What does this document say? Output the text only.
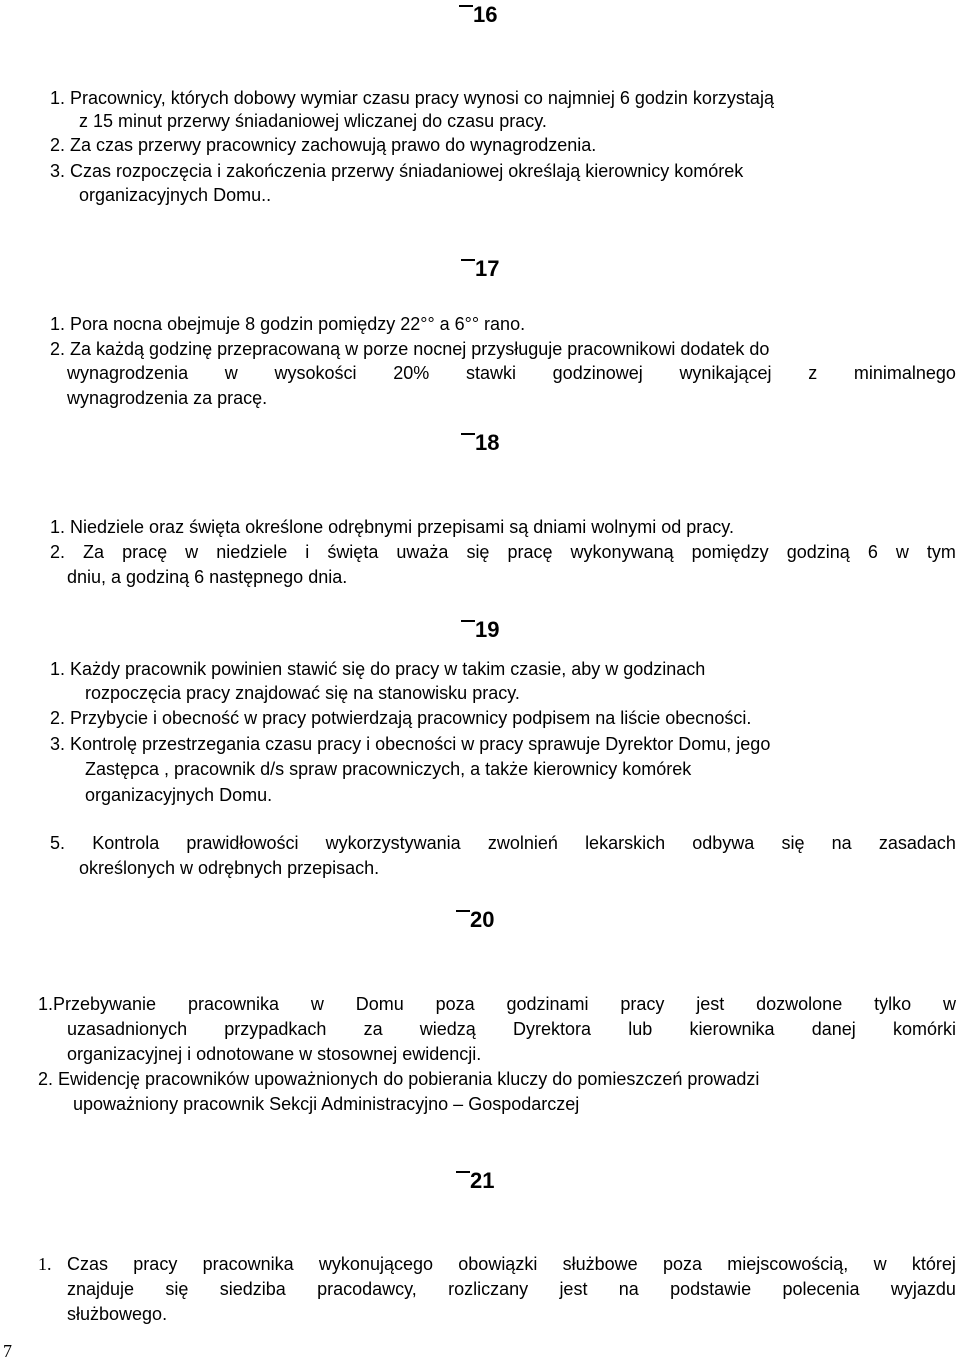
16
17
18
19
20
21
1. Pracownicy, których dobowy wymiar czasu pracy wynosi co najmniej 6 godzin korzystają
z 15 minut przerwy śniadaniowej wliczanej do czasu pracy.
2. Za czas przerwy pracownicy zachowują prawo do wynagrodzenia.
3. Czas rozpoczęcia i zakończenia przerwy śniadaniowej określają kierownicy komórek
organizacyjnych Domu..
1. Pora nocna obejmuje 8 godzin pomiędzy 22°° a 6°° rano.
2. Za każdą godzinę przepracowaną w porze nocnej przysługuje pracownikowi dodatek do
wynagrodzenia w wysokości 20% stawki godzinowej wynikającej z minimalnego
wynagrodzenia za pracę.
1. Niedziele oraz święta określone odrębnymi przepisami są dniami wolnymi od pracy.
2. Za pracę w niedziele i święta uważa się pracę wykonywaną pomiędzy godziną 6 w tym
dniu, a godziną 6 następnego dnia.
1. Każdy pracownik powinien stawić się do pracy w takim czasie, aby w godzinach
rozpoczęcia pracy znajdować się na stanowisku pracy.
2. Przybycie i obecność w pracy potwierdzają pracownicy podpisem na liście obecności.
3. Kontrolę przestrzegania czasu pracy i obecności w pracy sprawuje Dyrektor Domu, jego
Zastępca , pracownik d/s spraw pracowniczych, a także kierownicy komórek
organizacyjnych Domu.
5. Kontrola prawidłowości wykorzystywania zwolnień lekarskich odbywa się na zasadach
określonych w odrębnych przepisach.
1.Przebywanie pracownika w Domu poza godzinami pracy jest dozwolone tylko w
uzasadnionych przypadkach za wiedzą Dyrektora lub kierownika danej komórki
organizacyjnej i odnotowane w stosownej ewidencji.
2. Ewidencję pracowników upoważnionych do pobierania kluczy do pomieszczeń prowadzi
upoważniony pracownik Sekcji Administracyjno – Gospodarczej
1. Czas pracy pracownika wykonującego obowiązki służbowe poza miejscowością, w której
znajduje się siedziba pracodawcy, rozliczany jest na podstawie polecenia wyjazdu
służbowego.
7
